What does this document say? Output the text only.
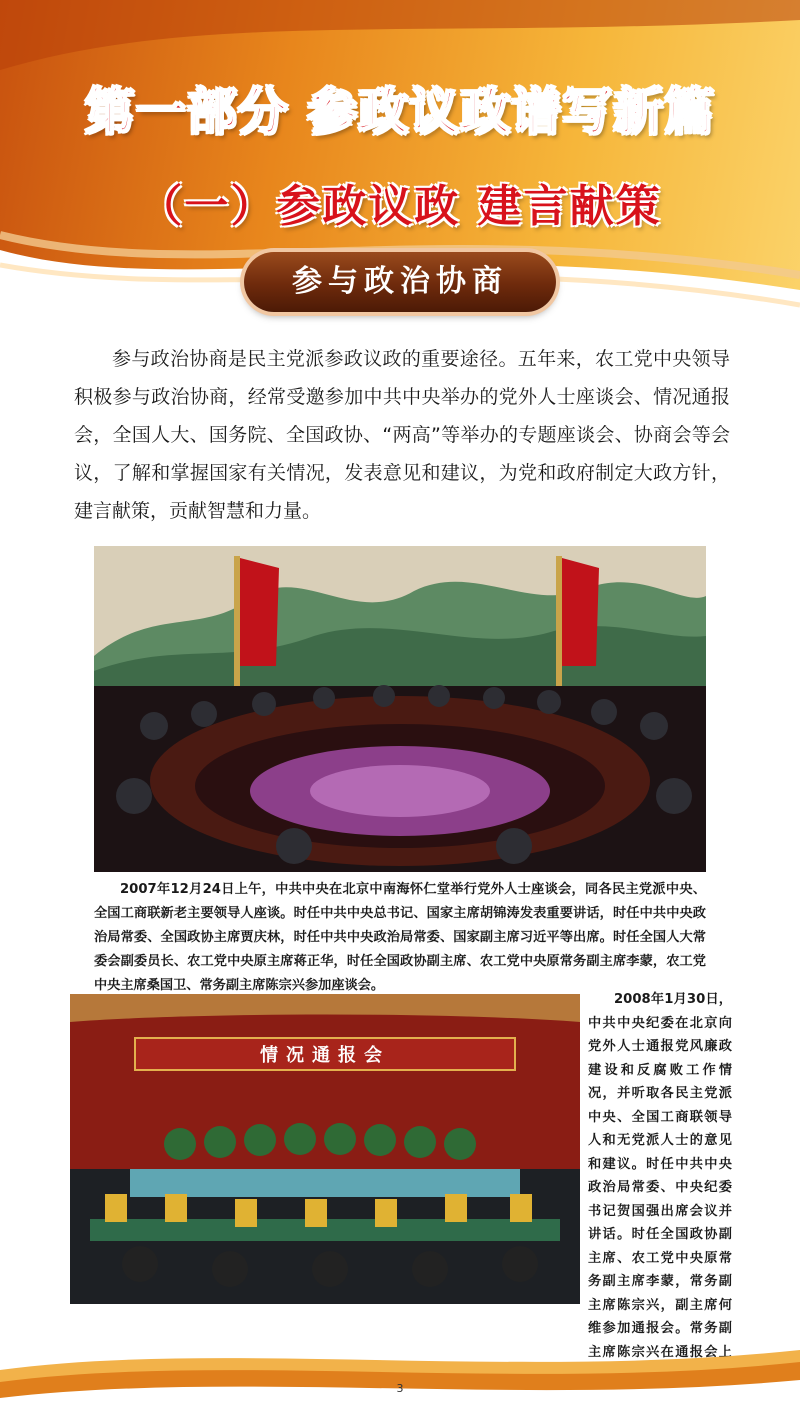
第一部分 参政议政谱写新篇
（一）参政议政 建言献策
参与政治协商
参与政治协商是民主党派参政议政的重要途径。五年来，农工党中央领导积极参与政治协商，经常受邀参加中共中央举办的党外人士座谈会、情况通报会，全国人大、国务院、全国政协、“两高”等举办的专题座谈会、协商会等会议，了解和掌握国家有关情况，发表意见和建议，为党和政府制定大政方针，建言献策，贡献智慧和力量。
2007年12月24日上午，中共中央在北京中南海怀仁堂举行党外人士座谈会，同各民主党派中央、全国工商联新老主要领导人座谈。时任中共中央总书记、国家主席胡锦涛发表重要讲话，时任中共中央政治局常委、全国政协主席贾庆林，时任中共中央政治局常委、国家副主席习近平等出席。时任全国人大常委会副委员长、农工党中央原主席蒋正华，时任全国政协副主席、农工党中央原常务副主席李蒙，农工党中央主席桑国卫、常务副主席陈宗兴参加座谈会。
情况通报会
2008年1月30日，中共中央纪委在北京向党外人士通报党风廉政建设和反腐败工作情况，并听取各民主党派中央、全国工商联领导人和无党派人士的意见和建议。时任中共中央政治局常委、中央纪委书记贺国强出席会议并讲话。时任全国政协副主席、农工党中央原常务副主席李蒙，常务副主席陈宗兴，副主席何维参加通报会。常务副主席陈宗兴在通报会上
3
